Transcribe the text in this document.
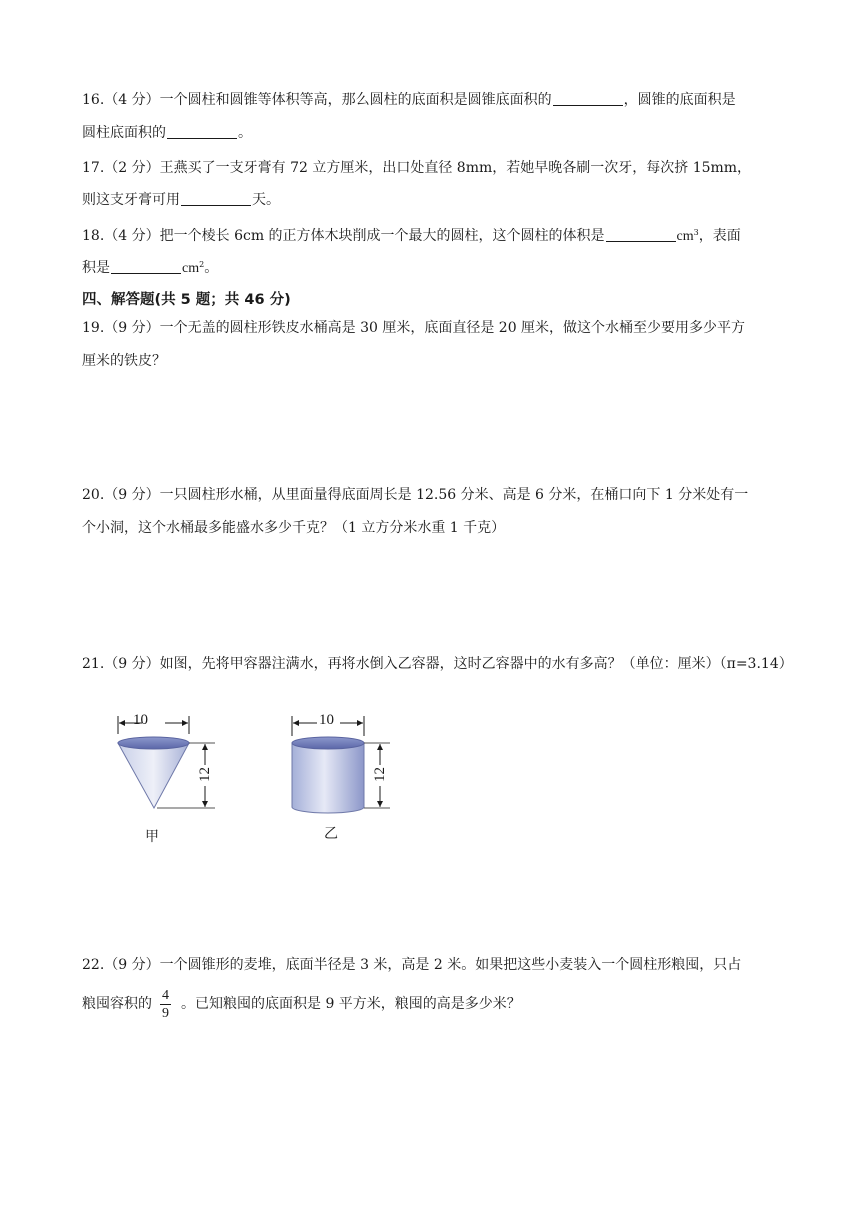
16.（4 分）一个圆柱和圆锥等体积等高，那么圆柱的底面积是圆锥底面积的	，圆锥的底面积是
圆柱底面积的	。
17.（2 分）王燕买了一支牙膏有 72 立方厘米，出口处直径 8mm，若她早晚各刷一次牙，每次挤 15mm，
则这支牙膏可用	天。
18.（4 分）把一个棱长 6cm 的正方体木块削成一个最大的圆柱，这个圆柱的体积是	$cm^3$，表面
积是	$cm^2$。
四、解答题(共 5 题；共 46 分)
19.（9 分）一个无盖的圆柱形铁皮水桶高是 30 厘米，底面直径是 20 厘米，做这个水桶至少要用多少平方
厘米的铁皮？
20.（9 分）一只圆柱形水桶，从里面量得底面周长是 12.56 分米、高是 6 分米，在桶口向下 1 分米处有一
个小洞，这个水桶最多能盛水多少千克？（1 立方分米水重 1 千克）
21.（9 分）如图，先将甲容器注满水，再将水倒入乙容器，这时乙容器中的水有多高？（单位：厘米）（π=3.14）
10
12
甲
10
12
乙
22.（9 分）一个圆锥形的麦堆，底面半径是 3 米，高是 2 米。如果把这些小麦装入一个圆柱形粮囤，只占
粮囤容积的 $\frac{4}{9}$ 。已知粮囤的底面积是 9 平方米，粮囤的高是多少米？
